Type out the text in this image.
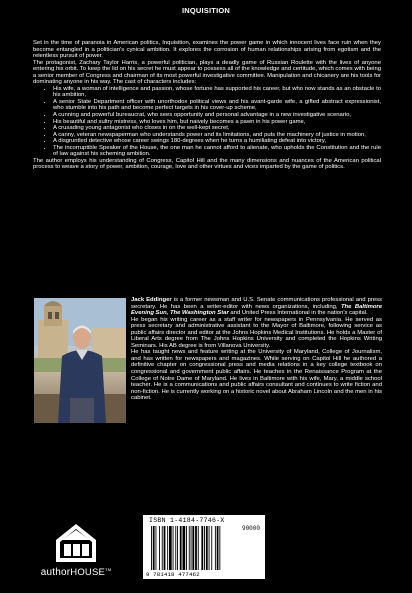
INQUISITION

Set in the time of paranoia in American politics, Inquisition, examines the power game in which innocent lives face ruin when they become entangled in a politician's cynical ambition. It explores the corrosion of human relationships arising from egotism and the relentless pursuit of power.

The protagonist, Zachary Taylor Harris, a powerful politician, plays a deadly game of Russian Roulette with the lives of anyone entering his orbit. To keep the lid on his secret he must appear to possess all of the knowledge and certitude, which comes with being a senior member of Congress and chairman of its most powerful investigative committee. Manipulation and chicanery are his tools for dominating anyone in his way. The cast of characters includes:

• His wife, a woman of intelligence and passion, whose fortune has supported his career, but who now stands as an obstacle to his ambition,
• A senior State Department officer with unorthodox political views and his avant-garde wife, a gifted abstract expressionist, who stumble into his path and become perfect targets in his cover-up scheme,
• A cunning and powerful bureaucrat, who sees opportunity and personal advantage in a new investigative scenario,
• His beautiful and sultry mistress, who loves him, but naively becomes a pawn in his power game,
• A crusading young antagonist who closes in on the well-kept secret,
• A canny, veteran newspaperman who understands power and its limitations, and puts the machinery of justice in motion,
• A disgruntled detective whose career swings 180-degrees when he turns a humiliating defeat into victory,
• The incorruptible Speaker of the House, the one man he cannot afford to alienate, who upholds the Constitution and the rule of law against his scheming ambition.

The author employs his understanding of Congress, Capitol Hill and the many dimensions and nuances of the American political process to weave a story of power, ambition, courage, love and other virtues and vices imparted by the game of politics.

Jack Eddinger is a former newsman and U.S. Senate communications professional and press secretary. He has been a writer-editor with news organizations, including, The Baltimore Evening Sun, The Washington Star and United Press International in the nation's capital.

He began his writing career as a staff writer for newspapers in Pennsylvania. He served as press secretary and administrative assistant to the Mayor of Baltimore, following service as public affairs director and editor at the Johns Hopkins Medical Institutions. He holds a Master of Liberal Arts degree from The Johns Hopkins University and completed the Hopkins Writing Seminars. His AB degree is from Villanova University.

He has taught news and feature writing at the University of Maryland, College of Journalism, and has written for newspapers and magazines. While serving on Capitol Hill he authored a definitive chapter on congressional press and media relations in a key college textbook on congressional and government public affairs. He teaches in the Renaissance Program at the College of Notre Dame of Maryland. He lives in Baltimore with his wife, Mary, a middle school teacher. He is a communications and public affairs consultant and continues to write fiction and non-fiction. He is currently working on a historic novel about Abraham Lincoln and the men in his cabinet.

ISBN 1-4184-7746-X
90000
9 781418 477462
authorHOUSE™
